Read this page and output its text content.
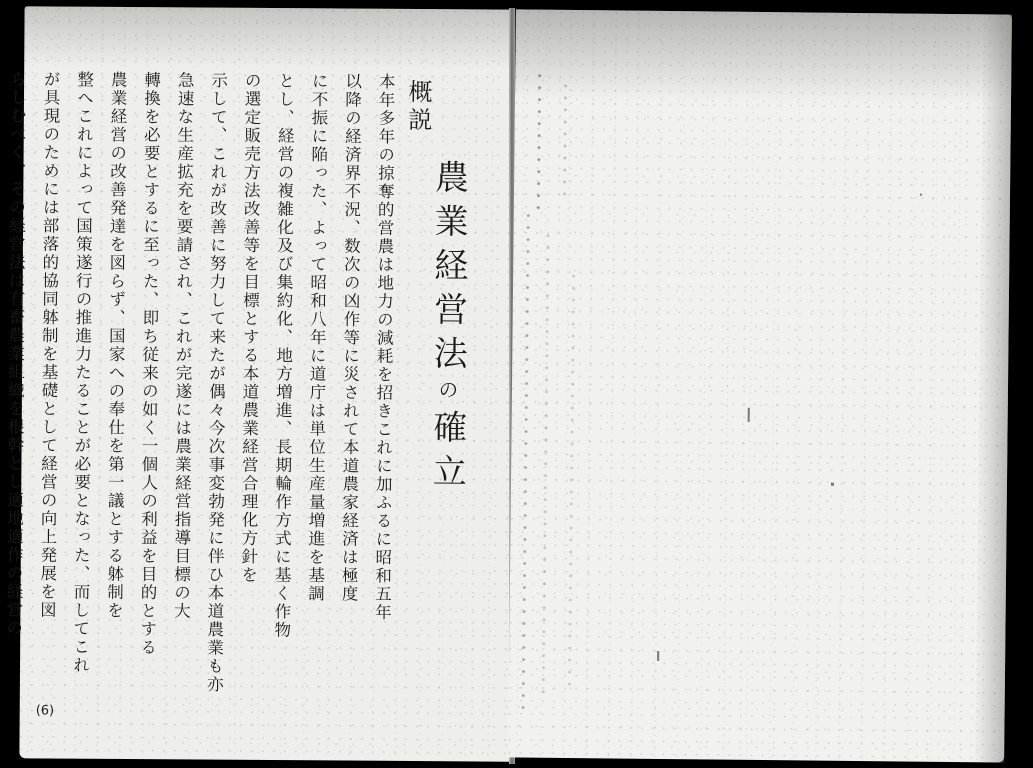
概説
農業経営法の確立
本年多年の掠奪的営農は地力の減耗を招きこれに加ふるに昭和五年
以降の経済界不況、数次の凶作等に災されて本道農家経済は極度
に不振に陥った、よって昭和八年に道庁は単位生産量増進を基調
とし、経営の複雑化及び集約化、地方増進、長期輪作方式に基く作物
の選定販売方法改善等を目標とする本道農業経営合理化方針を
示して、これが改善に努力して来たが偶々今次事変勃発に伴ひ本道農業も亦
急速な生産拡充を要請され、これが完遂には農業経営指導目標の大
轉換を必要とするに至った、即ち従来の如く一個人の利益を目的とする
農業経営の改善発達を図らず、国家への奉仕を第一議とする躰制を
整へこれによって国策遂行の推進力たることが必要となった、而してこれ
が具現のためには部落的協同躰制を基礎として経営の向上発展を図
らしむべく、その経営法は有畜農業組織を根幹とし適地適作の経営の
(6)
